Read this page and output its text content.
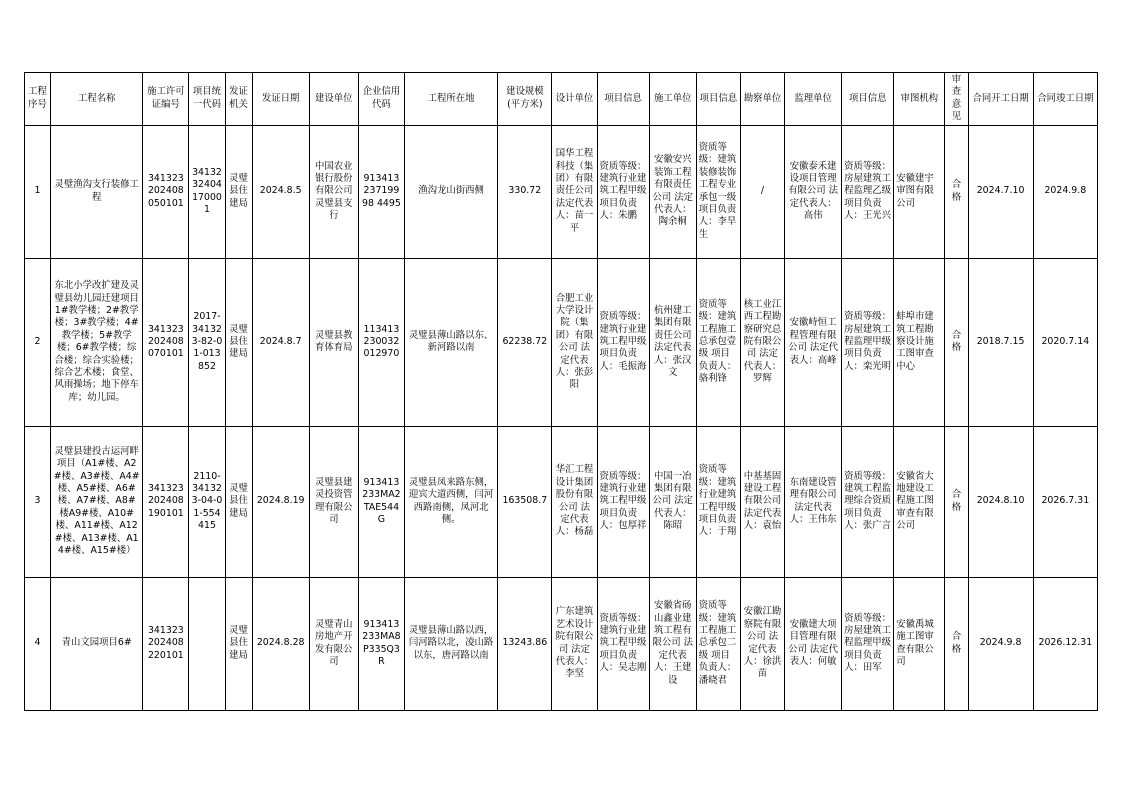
工程序号	工程名称	施工许可证编号	项目统一代码	发证机关	发证日期	建设单位	企业信用代码	工程所在地	建设规模(平方米)	设计单位	项目信息	施工单位	项目信息	勘察单位	监理单位	项目信息	审图机构	审查意见	合同开工日期	合同竣工日期
1	灵璧渔沟支行装修工程	341323202408050101	341323240417000 1	灵璧县住建局	2024.8.5	中国农业银行股份有限公司灵璧县支行	91341323719998 4495	渔沟龙山街西侧	330.72	国华工程科技（集团）有限责任公司 法定代表人：苗一平	资质等级：建筑行业建筑工程甲级 项目负责人：朱鹏	安徽安兴装饰工程有限责任公司 法定代表人：陶余桐	资质等级：建筑装修装饰工程专业承包一级 项目负责人：李旱生	/	安徽泰禾建设项目管理有限公司 法定代表人：高伟	资质等级：房屋建筑工程监理乙级 项目负责人：王光兴	安徽建宇审图有限公司	合格	2024.7.10	2024.9.8
2	东北小学改扩建及灵璧县幼儿园迁建项目1#教学楼；2#教学楼；3#教学楼；4#教学楼；5#教学楼；6#教学楼；综合楼；综合实验楼；综合艺术楼；食堂、风雨操场；地下停车库；幼儿园。	341323202408070101	2017-341323-82-01-013852	灵璧县住建局	2024.8.7	灵璧县教育体育局	113413230032012970	灵璧县薄山路以东、新河路以南	62238.72	合肥工业大学设计院（集团）有限公司 法定代表人：张彭阳	资质等级：建筑行业建筑工程甲级 项目负责人：毛振海	杭州建工集团有限责任公司 法定代表人：张汉文	资质等级：建筑工程施工总承包壹级 项目负责人：骆利锋	核工业江西工程勘察研究总院有限公司 法定代表人：罗辉	安徽峙恒工程管理有限公司 法定代表人：高峰	资质等级：房屋建筑工程监理甲级 项目负责人：栾光明	蚌埠市建筑工程勘察设计施工图审查中心	合格	2018.7.15	2020.7.14
3	灵璧县建投古运河畔项目（A1#楼、A2#楼、A3#楼、A4#楼、A5#楼、A6#楼、A7#楼、A8#楼A9#楼、A10#楼、A11#楼、A12#楼、A13#楼、A14#楼、A15#楼）	341323202408190101	2110-341323-04-01-554415	灵璧县住建局	2024.8.19	灵璧县建灵投资管理有限公司	913413233MA2TAE544G	灵璧县凤来路东侧，迎宾大道西侧，闫河西路南侧，凤河北侧。	163508.7	华汇工程设计集团股份有限公司 法定代表人：杨磊	资质等级：建筑行业建筑工程甲级 项目负责人：包厚祥	中国一冶集团有限公司 法定代表人：陈昭	资质等级：建筑行业建筑工程甲级 项目负责人：于翔	中基基固建设工程有限公司 法定代表人：袁怡	东南建设管理有限公司 法定代表人：王伟东	资质等级：建筑工程监理综合资质 项目负责人：张广言	安徽省大地建设工程施工图审查有限公司	合格	2024.8.10	2026.7.31
4	青山文园项目6#	341323202408220101		灵璧县住建局	2024.8.28	灵璧青山房地产开发有限公司	913413233MA8P335Q3R	灵璧县薄山路以西，闫河路以北，凌山路以东，唐河路以南	13243.86	广东建筑艺术设计院有限公司 法定代表人：李坚	资质等级：建筑行业建筑工程甲级 项目负责人：吴志刚	安徽省砀山鑫业建筑工程有限公司 法定代表人：王建设	资质等级：建筑工程施工总承包二级 项目负责人：潘晓君	安徽江勘察院有限公司 法定代表人：徐洪苗	安徽建大项目管理有限公司 法定代表人：何敏	资质等级：房屋建筑工程监理甲级 项目负责人：田军	安徽禹城施工图审查有限公司	合格	2024.9.8	2026.12.31
